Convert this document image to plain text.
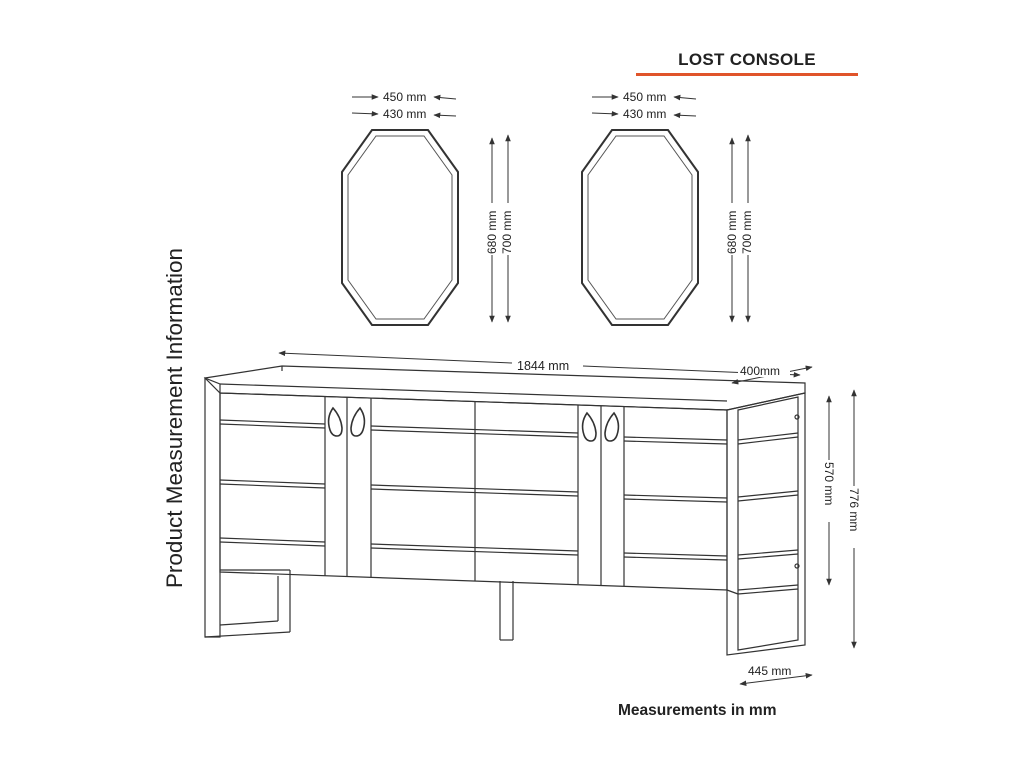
LOST CONSOLE
Product Measurement Information
450 mm
430 mm
680 mm 700 mm
450 mm
430 mm
680 mm 700 mm
1844 mm	400mm
570 mm
776 mm
445 mm
Measurements in mm
